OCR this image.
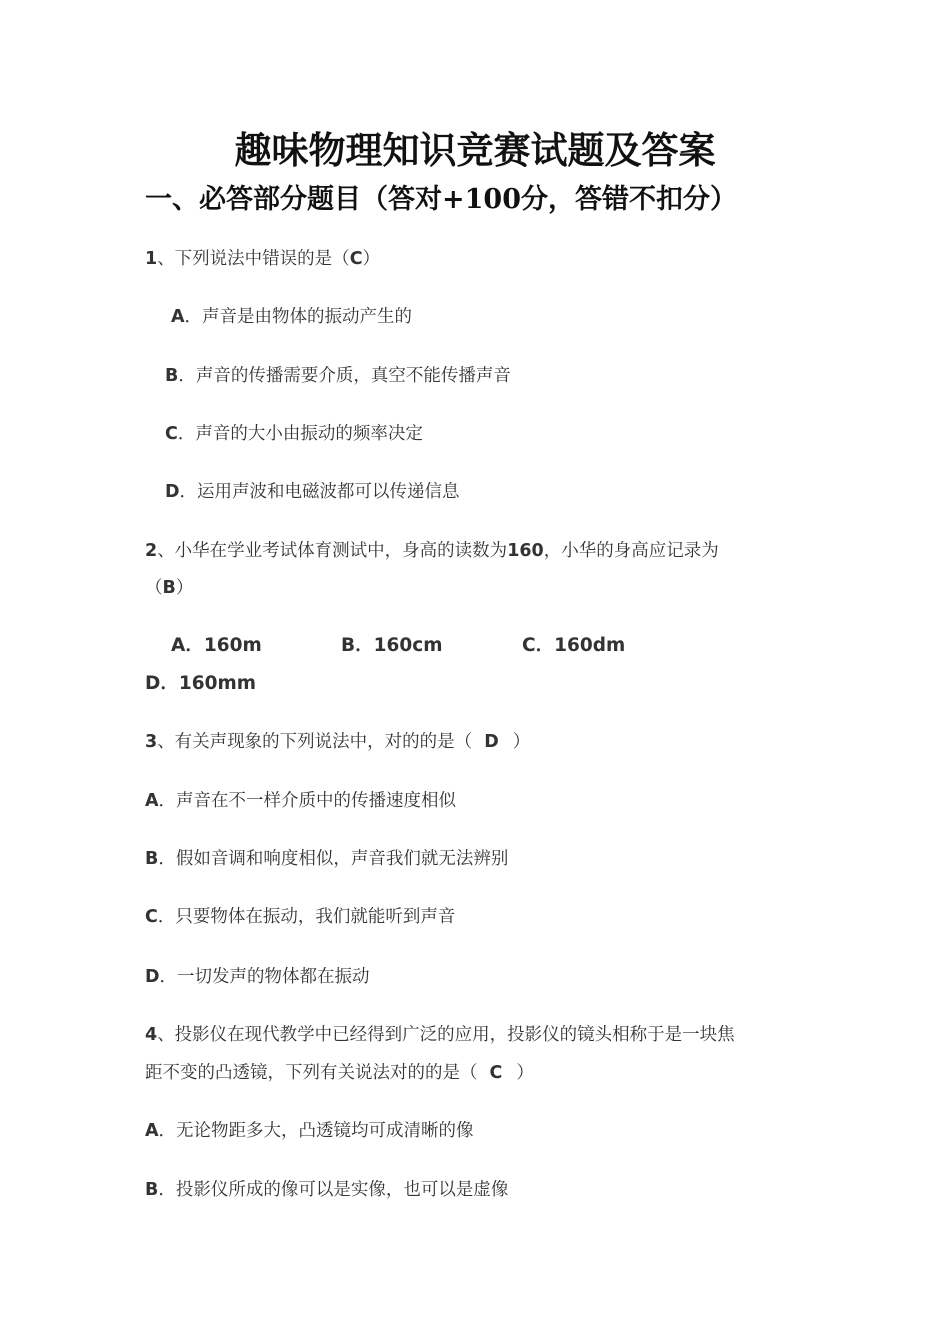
趣味物理知识竞赛试题及答案
一、必答部分题目（答对+100分，答错不扣分）
1、下列说法中错误的是（C）
A．声音是由物体的振动产生的
B．声音的传播需要介质，真空不能传播声音
C．声音的大小由振动的频率决定
D．运用声波和电磁波都可以传递信息
2、小华在学业考试体育测试中，身高的读数为160，小华的身高应记录为
（B）
A．160m	B．160cm	C．160dm
D．160mm
3、有关声现象的下列说法中，对的的是（ D ）
A．声音在不一样介质中的传播速度相似
B．假如音调和响度相似，声音我们就无法辨别
C．只要物体在振动，我们就能听到声音
D．一切发声的物体都在振动
4、投影仪在现代教学中已经得到广泛的应用，投影仪的镜头相称于是一块焦
距不变的凸透镜，下列有关说法对的的是（ C ）
A．无论物距多大，凸透镜均可成清晰的像
B．投影仪所成的像可以是实像，也可以是虚像
